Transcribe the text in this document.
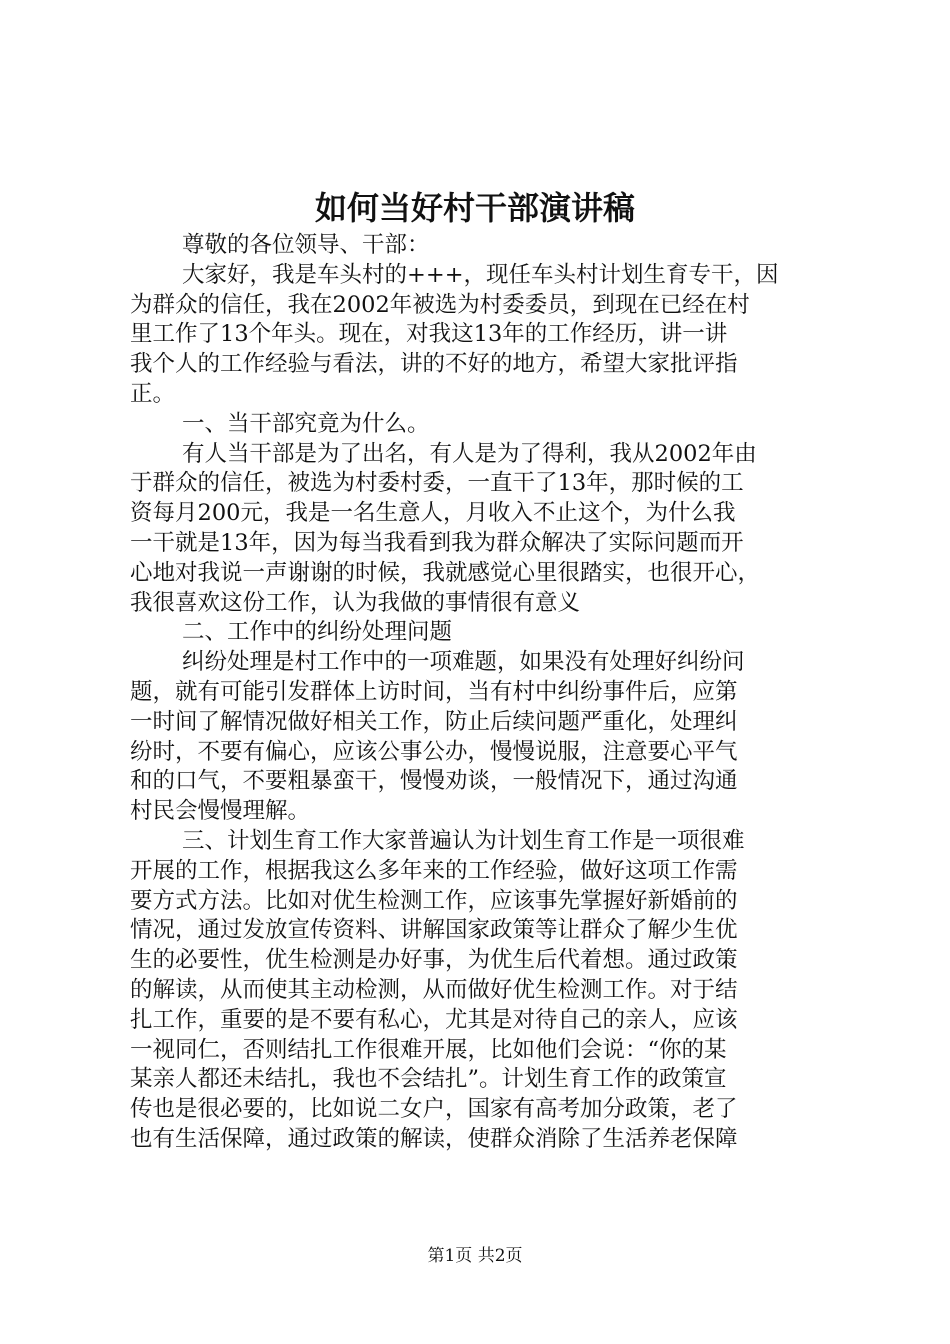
如何当好村干部演讲稿
尊敬的各位领导、干部：
大家好，我是车头村的+++，现任车头村计划生育专干，因
为群众的信任，我在2002年被选为村委委员，到现在已经在村
里工作了13个年头。现在，对我这13年的工作经历，讲一讲
我个人的工作经验与看法，讲的不好的地方，希望大家批评指
正。
一、当干部究竟为什么。
有人当干部是为了出名，有人是为了得利，我从2002年由
于群众的信任，被选为村委村委，一直干了13年，那时候的工
资每月200元，我是一名生意人，月收入不止这个，为什么我
一干就是13年，因为每当我看到我为群众解决了实际问题而开
心地对我说一声谢谢的时候，我就感觉心里很踏实，也很开心，
我很喜欢这份工作，认为我做的事情很有意义
二、工作中的纠纷处理问题
纠纷处理是村工作中的一项难题，如果没有处理好纠纷问
题，就有可能引发群体上访时间，当有村中纠纷事件后，应第
一时间了解情况做好相关工作，防止后续问题严重化，处理纠
纷时，不要有偏心，应该公事公办，慢慢说服，注意要心平气
和的口气，不要粗暴蛮干，慢慢劝谈，一般情况下，通过沟通
村民会慢慢理解。
三、计划生育工作大家普遍认为计划生育工作是一项很难
开展的工作，根据我这么多年来的工作经验，做好这项工作需
要方式方法。比如对优生检测工作，应该事先掌握好新婚前的
情况，通过发放宣传资料、讲解国家政策等让群众了解少生优
生的必要性，优生检测是办好事，为优生后代着想。通过政策
的解读，从而使其主动检测，从而做好优生检测工作。对于结
扎工作，重要的是不要有私心，尤其是对待自己的亲人，应该
一视同仁，否则结扎工作很难开展，比如他们会说：“你的某
某亲人都还未结扎，我也不会结扎”。计划生育工作的政策宣
传也是很必要的，比如说二女户，国家有高考加分政策，老了
也有生活保障，通过政策的解读，使群众消除了生活养老保障
第1页 共2页
